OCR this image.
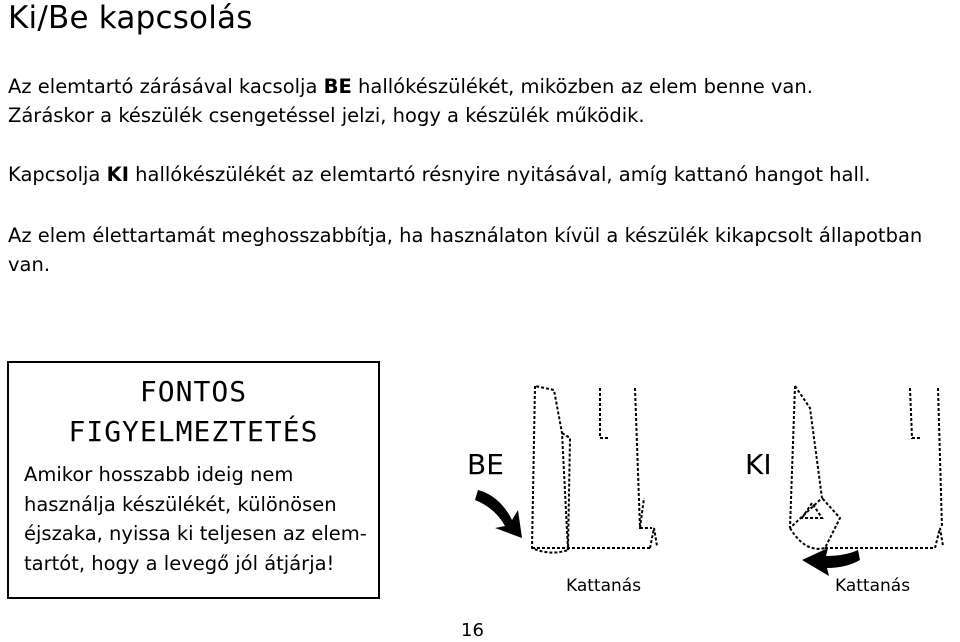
Ki/Be kapcsolás
Az elemtartó zárásával kacsolja BE hallókészülékét, miközben az elem benne van.
Záráskor a készülék csengetéssel jelzi, hogy a készülék működik.
Kapcsolja KI hallókészülékét az elemtartó résnyire nyitásával, amíg kattanó hangot hall.
Az elem élettartamát meghosszabbítja, ha használaton kívül a készülék kikapcsolt állapotban van.
FONTOS
FIGYELMEZTETÉS
Amikor hosszabb ideig nem
használja készülékét, különösen
éjszaka, nyissa ki teljesen az elem-
tartót, hogy a levegő jól átjárja!
BE	KI
Kattanás	Kattanás
16
